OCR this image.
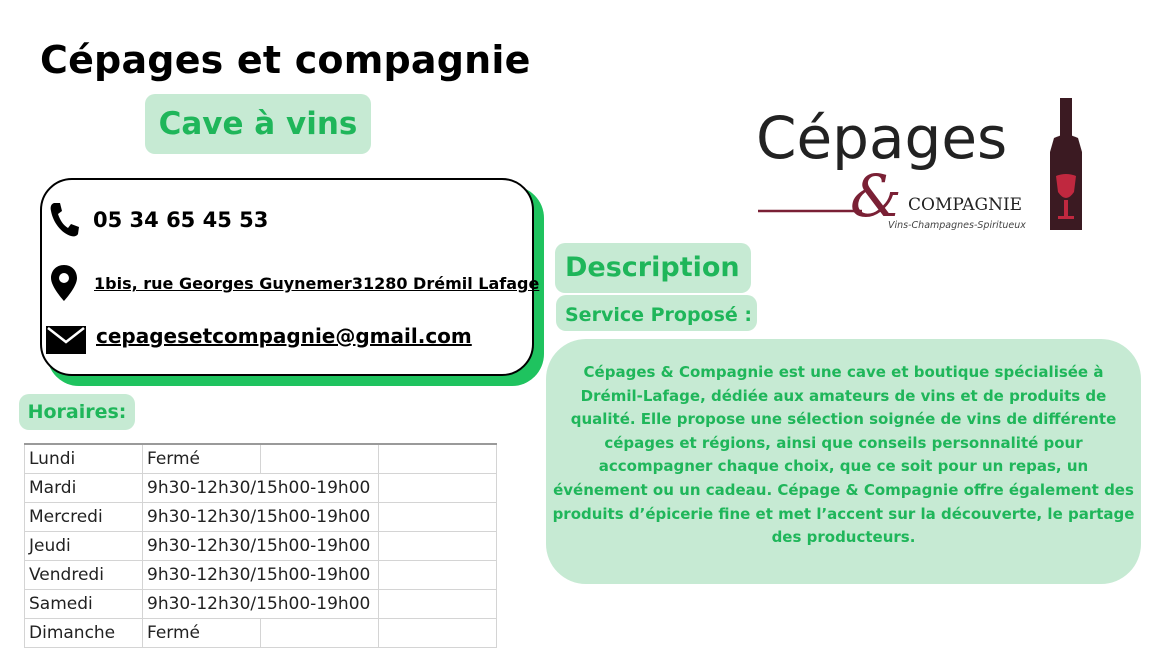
Cépages et compagnie
Cave à vins
05 34 65 45 53
1bis, rue Georges Guynemer31280 Drémil Lafage
cepagesetcompagnie@gmail.com
Horaires:
Lundi	Fermé		
Mardi	9h30-12h30/15h00-19h00		
Mercredi	9h30-12h30/15h00-19h00		
Jeudi	9h30-12h30/15h00-19h00		
Vendredi	9h30-12h30/15h00-19h00		
Samedi	9h30-12h30/15h00-19h00		
Dimanche	Fermé		
Description
Service Proposé :
Cépages & Compagnie est une cave et boutique spécialisée à Drémil-Lafage, dédiée aux amateurs de vins et de produits de qualité. Elle propose une sélection soignée de vins de différente cépages et régions, ainsi que conseils personnalité pour accompagner chaque choix, que ce soit pour un repas, un événement ou un cadeau. Cépage & Compagnie offre également des produits d’épicerie fine et met l’accent sur la découverte, le partage des producteurs.
Cépages
& COMPAGNIE
Vins-Champagnes-Spiritueux
